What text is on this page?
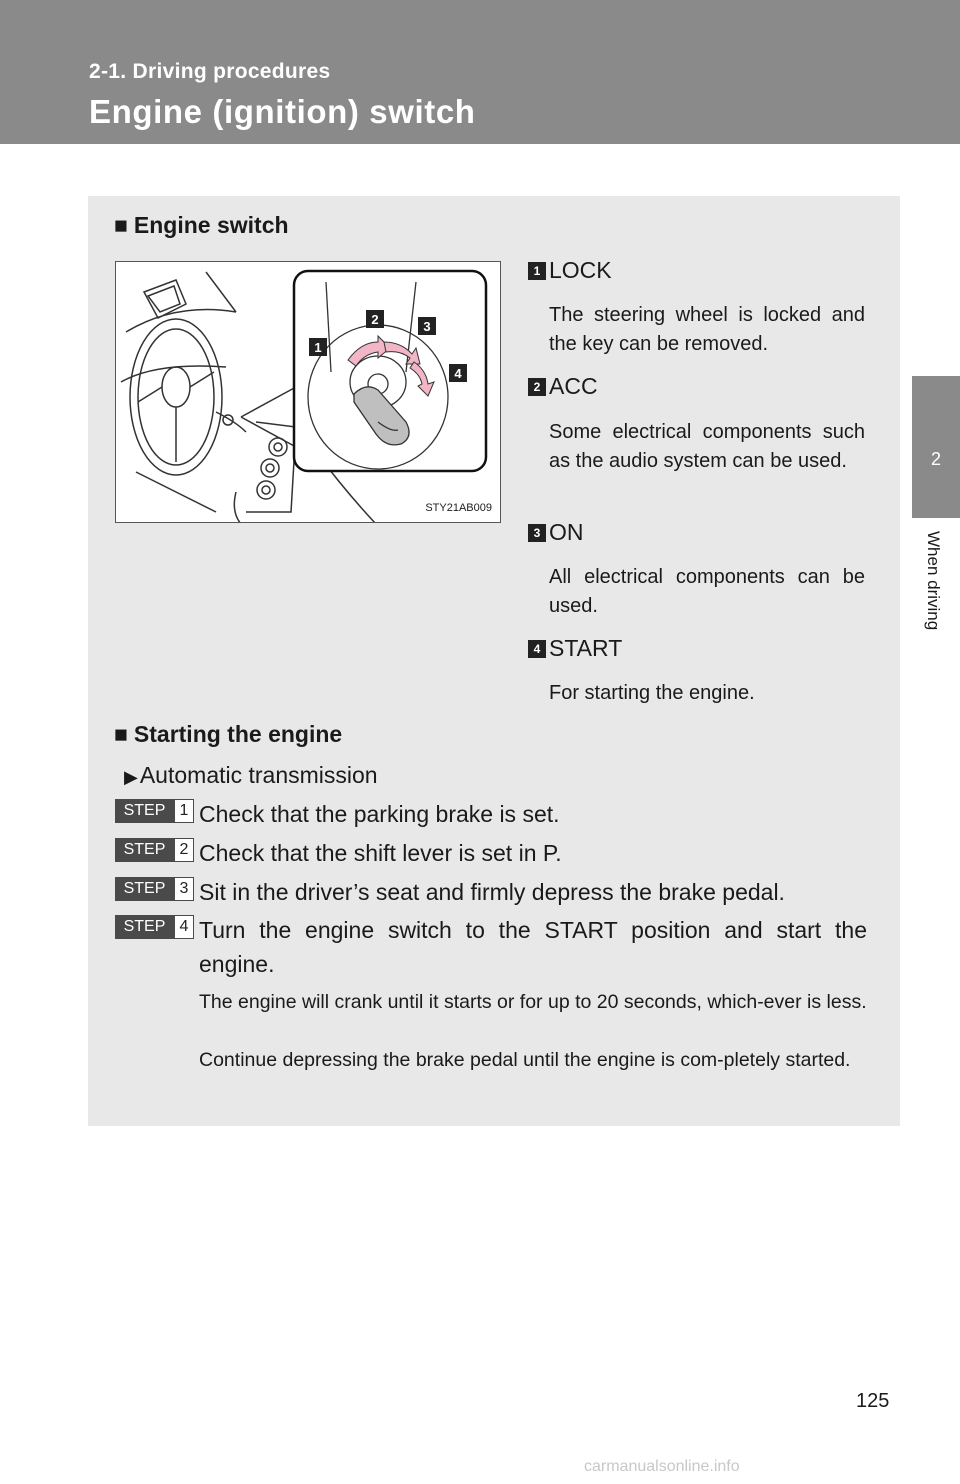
2-1. Driving procedures
Engine (ignition) switch
2
When driving
■ Engine switch
1
2	3
4
STY21AB009
1 LOCK
The steering wheel is locked and the key can be removed.
2 ACC
Some electrical components such as the audio system can be used.
3 ON
All electrical components can be used.
4 START
For starting the engine.
■ Starting the engine
▶Automatic transmission
STEP 1 Check that the parking brake is set.
STEP 2 Check that the shift lever is set in P.
STEP 3 Sit in the driver’s seat and firmly depress the brake pedal.
STEP 4 Turn the engine switch to the START position and start the engine.
The engine will crank until it starts or for up to 20 seconds, which-ever is less.
Continue depressing the brake pedal until the engine is com-pletely started.
125
carmanualsonline.info
